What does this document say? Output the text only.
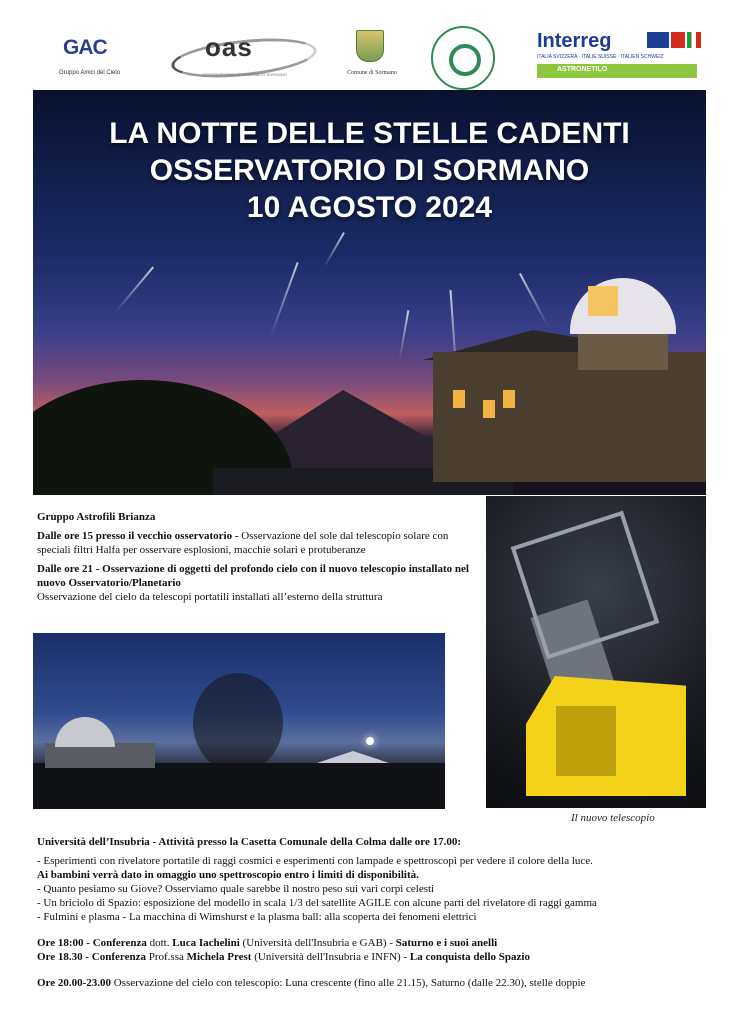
GAC
Gruppo Amici del Cielo
oas
OSSERVATORIO ASTRONOMICO SORMANO	Comune di Sormano
Interreg
ITALIA SVIZZERA · ITALIE SUISSE · ITALIEN SCHWEIZ
ASTRONETILO
LA NOTTE DELLE STELLE CADENTI
OSSERVATORIO DI SORMANO
10 AGOSTO 2024

Gruppo Astrofili Brianza

Dalle ore 15 presso il vecchio osservatorio - Osservazione del sole dal telescopio solare con speciali filtri Halfa per osservare esplosioni, macchie solari e protuberanze

Dalle ore 21 - Osservazione di oggetti del profondo cielo con il nuovo telescopio installato nel nuovo Osservatorio/Planetario
Osservazione del cielo da telescopi portatili installati all’esterno della struttura

Il nuovo telescopio

Università dell’Insubria - Attività presso la Casetta Comunale della Colma dalle ore 17.00:

- Esperimenti con rivelatore portatile di raggi cosmici e esperimenti con lampade e spettroscopi per vedere il colore della luce.

Ai bambini verrà dato in omaggio uno spettroscopio entro i limiti di disponibilità.

- Quanto pesiamo su Giove? Osserviamo quale sarebbe il nostro peso sui vari corpi celesti

- Un briciolo di Spazio: esposizione del modello in scala 1/3 del satellite AGILE con alcune parti del rivelatore di raggi gamma

- Fulmini e plasma - La macchina di Wimshurst e la plasma ball: alla scoperta dei fenomeni elettrici

Ore 18:00 - Conferenza dott. Luca Iachelini (Università dell'Insubria e GAB) - Saturno e i suoi anelli

Ore 18.30 - Conferenza Prof.ssa Michela Prest (Università dell'Insubria e INFN) - La conquista dello Spazio

Ore 20.00-23.00 Osservazione del cielo con telescopio: Luna crescente (fino alle 21.15), Saturno (dalle 22.30), stelle doppie
